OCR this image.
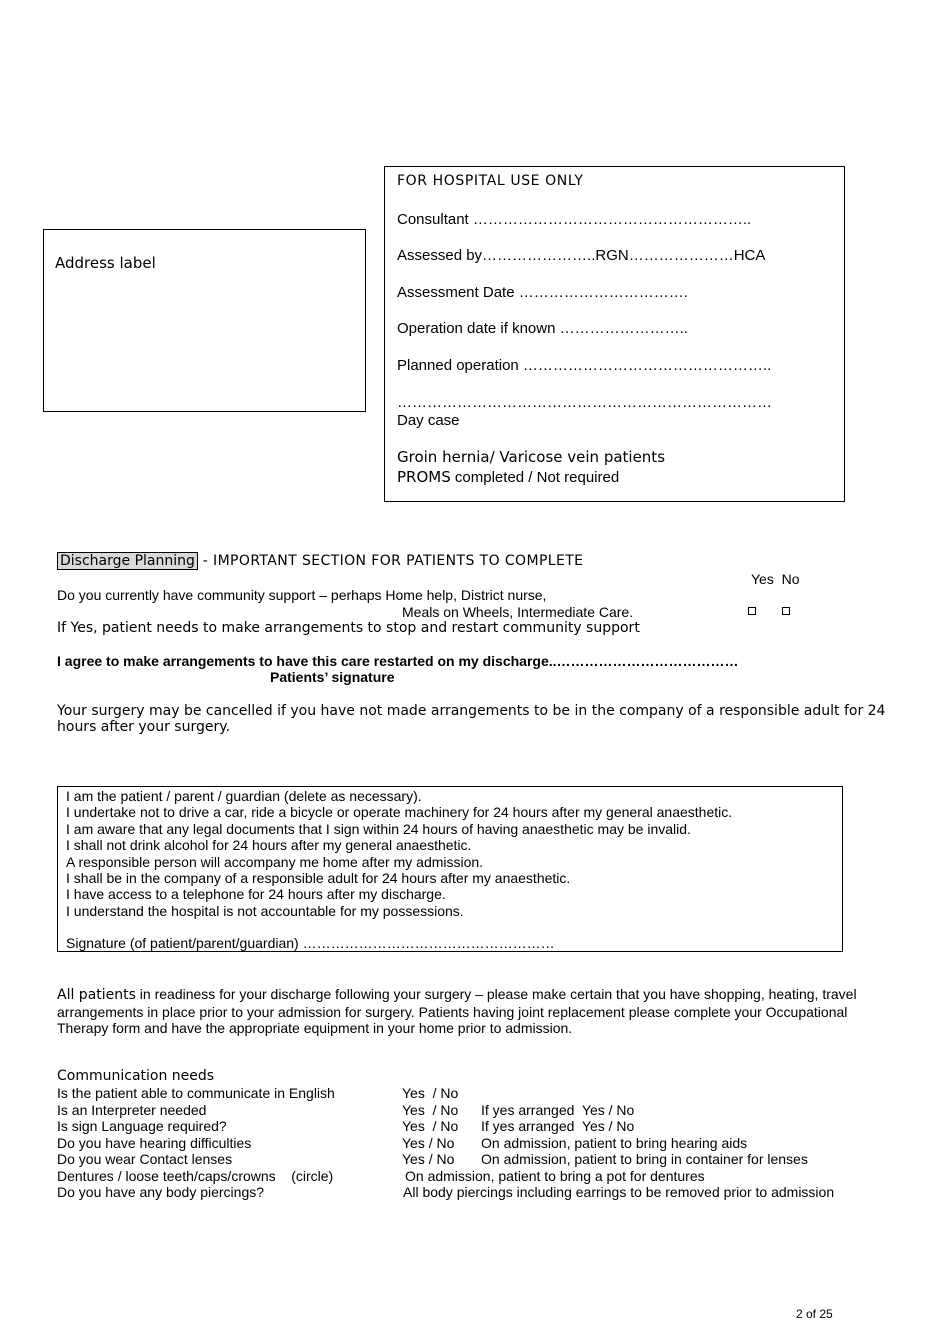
FOR HOSPITAL USE ONLY
Consultant ………………………………………………..
Assessed by…………………..RGN…………………HCA
Assessment Date …………………………….
Operation date if known ……………………..
Planned operation …………………………………………..
…………………………………………………………………
Day case
Groin hernia/ Varicose vein patients
PROMS completed / Not required
Address label
Discharge Planning - IMPORTANT SECTION FOR PATIENTS TO COMPLETE
Yes  No
Do you currently have community support – perhaps Home help, District nurse,
Meals on Wheels, Intermediate Care.
If Yes, patient needs to make arrangements to stop and restart community support
I agree to make arrangements to have this care restarted on my discharge..…………………………………
Patients’ signature
Your surgery may be cancelled if you have not made arrangements to be in the company of a responsible adult for 24
hours after your surgery.
I am the patient / parent / guardian (delete as necessary).
I undertake not to drive a car, ride a bicycle or operate machinery for 24 hours after my general anaesthetic.
I am aware that any legal documents that I sign within 24 hours of having anaesthetic may be invalid.
I shall not drink alcohol for 24 hours after my general anaesthetic.
A responsible person will accompany me home after my admission.
I shall be in the company of a responsible adult for 24 hours after my anaesthetic.
I have access to a telephone for 24 hours after my discharge.
I understand the hospital is not accountable for my possessions.
Signature (of patient/parent/guardian) ………………………………………………
All patients in readiness for your discharge following your surgery – please make certain that you have shopping, heating, travel
arrangements in place prior to your admission for surgery. Patients having joint replacement please complete your Occupational
Therapy form and have the appropriate equipment in your home prior to admission.
Communication needs
Is the patient able to communicate in English	Yes  / No
Is an Interpreter needed	Yes  / No If yes arranged  Yes / No
Is sign Language required?	Yes  / No If yes arranged  Yes / No
Do you have hearing difficulties	Yes / No On admission, patient to bring hearing aids
Do you wear Contact lenses	Yes / No On admission, patient to bring in container for lenses
Dentures / loose teeth/caps/crowns    (circle)	On admission, patient to bring a pot for dentures
Do you have any body piercings?	All body piercings including earrings to be removed prior to admission
2 of 25
